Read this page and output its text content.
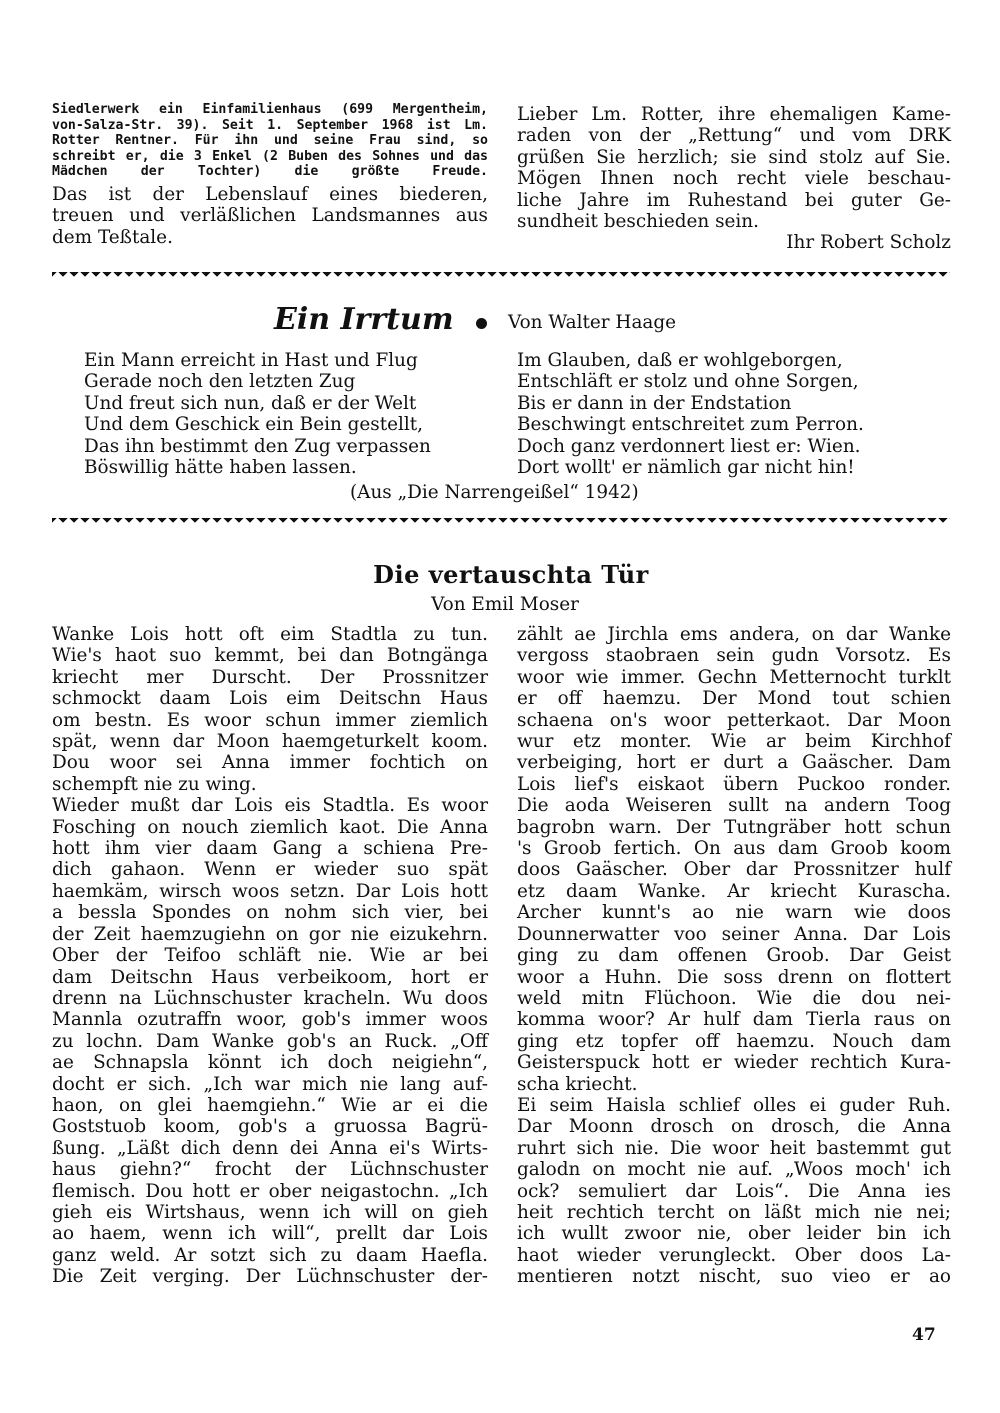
Siedlerwerk ein Einfamilienhaus (699 Mergentheim,
von-Salza-Str. 39). Seit 1. September 1968 ist Lm.
Rotter Rentner. Für ihn und seine Frau sind, so
schreibt er, die 3 Enkel (2 Buben des Sohnes und das
Mädchen der Tochter) die größte Freude.
Das ist der Lebenslauf eines biederen,
treuen und verläßlichen Landsmannes aus
dem Teßtale.
Lieber Lm. Rotter, ihre ehemaligen Kame-
raden von der „Rettung“ und vom DRK
grüßen Sie herzlich; sie sind stolz auf Sie.
Mögen Ihnen noch recht viele beschau-
liche Jahre im Ruhestand bei guter Ge-
sundheit beschieden sein.
Ihr Robert Scholz
Ein Irrtum	Von Walter Haage
Ein Mann erreicht in Hast und Flug
Gerade noch den letzten Zug
Und freut sich nun, daß er der Welt
Und dem Geschick ein Bein gestellt,
Das ihn bestimmt den Zug verpassen
Böswillig hätte haben lassen.
Im Glauben, daß er wohlgeborgen,
Entschläft er stolz und ohne Sorgen,
Bis er dann in der Endstation
Beschwingt entschreitet zum Perron.
Doch ganz verdonnert liest er: Wien.
Dort wollt' er nämlich gar nicht hin!
(Aus „Die Narrengeißel“ 1942)
Die vertauschta Tür
Von Emil Moser
Wanke Lois hott oft eim Stadtla zu tun.
Wie's haot suo kemmt, bei dan Botngänga
kriecht mer Durscht. Der Prossnitzer
schmockt daam Lois eim Deitschn Haus
om bestn. Es woor schun immer ziemlich
spät, wenn dar Moon haemgeturkelt koom.
Dou woor sei Anna immer fochtich on
schempft nie zu wing.
Wieder mußt dar Lois eis Stadtla. Es woor
Fosching on nouch ziemlich kaot. Die Anna
hott ihm vier daam Gang a schiena Pre-
dich gahaon. Wenn er wieder suo spät
haemkäm, wirsch woos setzn. Dar Lois hott
a bessla Spondes on nohm sich vier, bei
der Zeit haemzugiehn on gor nie eizukehrn.
Ober der Teifoo schläft nie. Wie ar bei
dam Deitschn Haus verbeikoom, hort er
drenn na Lüchnschuster kracheln. Wu doos
Mannla ozutraffn woor, gob's immer woos
zu lochn. Dam Wanke gob's an Ruck. „Off
ae Schnapsla könnt ich doch neigiehn“,
docht er sich. „Ich war mich nie lang auf-
haon, on glei haemgiehn.“ Wie ar ei die
Goststuob koom, gob's a gruossa Bagrü-
ßung. „Läßt dich denn dei Anna ei's Wirts-
haus giehn?“ frocht der Lüchnschuster
flemisch. Dou hott er ober neigastochn. „Ich
gieh eis Wirtshaus, wenn ich will on gieh
ao haem, wenn ich will“, prellt dar Lois
ganz weld. Ar sotzt sich zu daam Haefla.
Die Zeit verging. Der Lüchnschuster der-
zählt ae Jirchla ems andera, on dar Wanke
vergoss staobraen sein gudn Vorsotz. Es
woor wie immer. Gechn Metternocht turklt
er off haemzu. Der Mond tout schien
schaena on's woor petterkaot. Dar Moon
wur etz monter. Wie ar beim Kirchhof
verbeiging, hort er durt a Gaäscher. Dam
Lois lief's eiskaot übern Puckoo ronder.
Die aoda Weiseren sullt na andern Toog
bagrobn warn. Der Tutngräber hott schun
's Groob fertich. On aus dam Groob koom
doos Gaäscher. Ober dar Prossnitzer hulf
etz daam Wanke. Ar kriecht Kurascha.
Archer kunnt's ao nie warn wie doos
Dounnerwatter voo seiner Anna. Dar Lois
ging zu dam offenen Groob. Dar Geist
woor a Huhn. Die soss drenn on flottert
weld mitn Flüchoon. Wie die dou nei-
komma woor? Ar hulf dam Tierla raus on
ging etz topfer off haemzu. Nouch dam
Geisterspuck hott er wieder rechtich Kura-
scha kriecht.
Ei seim Haisla schlief olles ei guder Ruh.
Dar Moonn drosch on drosch, die Anna
ruhrt sich nie. Die woor heit bastemmt gut
galodn on mocht nie auf. „Woos moch' ich
ock? semuliert dar Lois“. Die Anna ies
heit rechtich tercht on läßt mich nie nei;
ich wullt zwoor nie, ober leider bin ich
haot wieder verungleckt. Ober doos La-
mentieren notzt nischt, suo vieo er ao
47
